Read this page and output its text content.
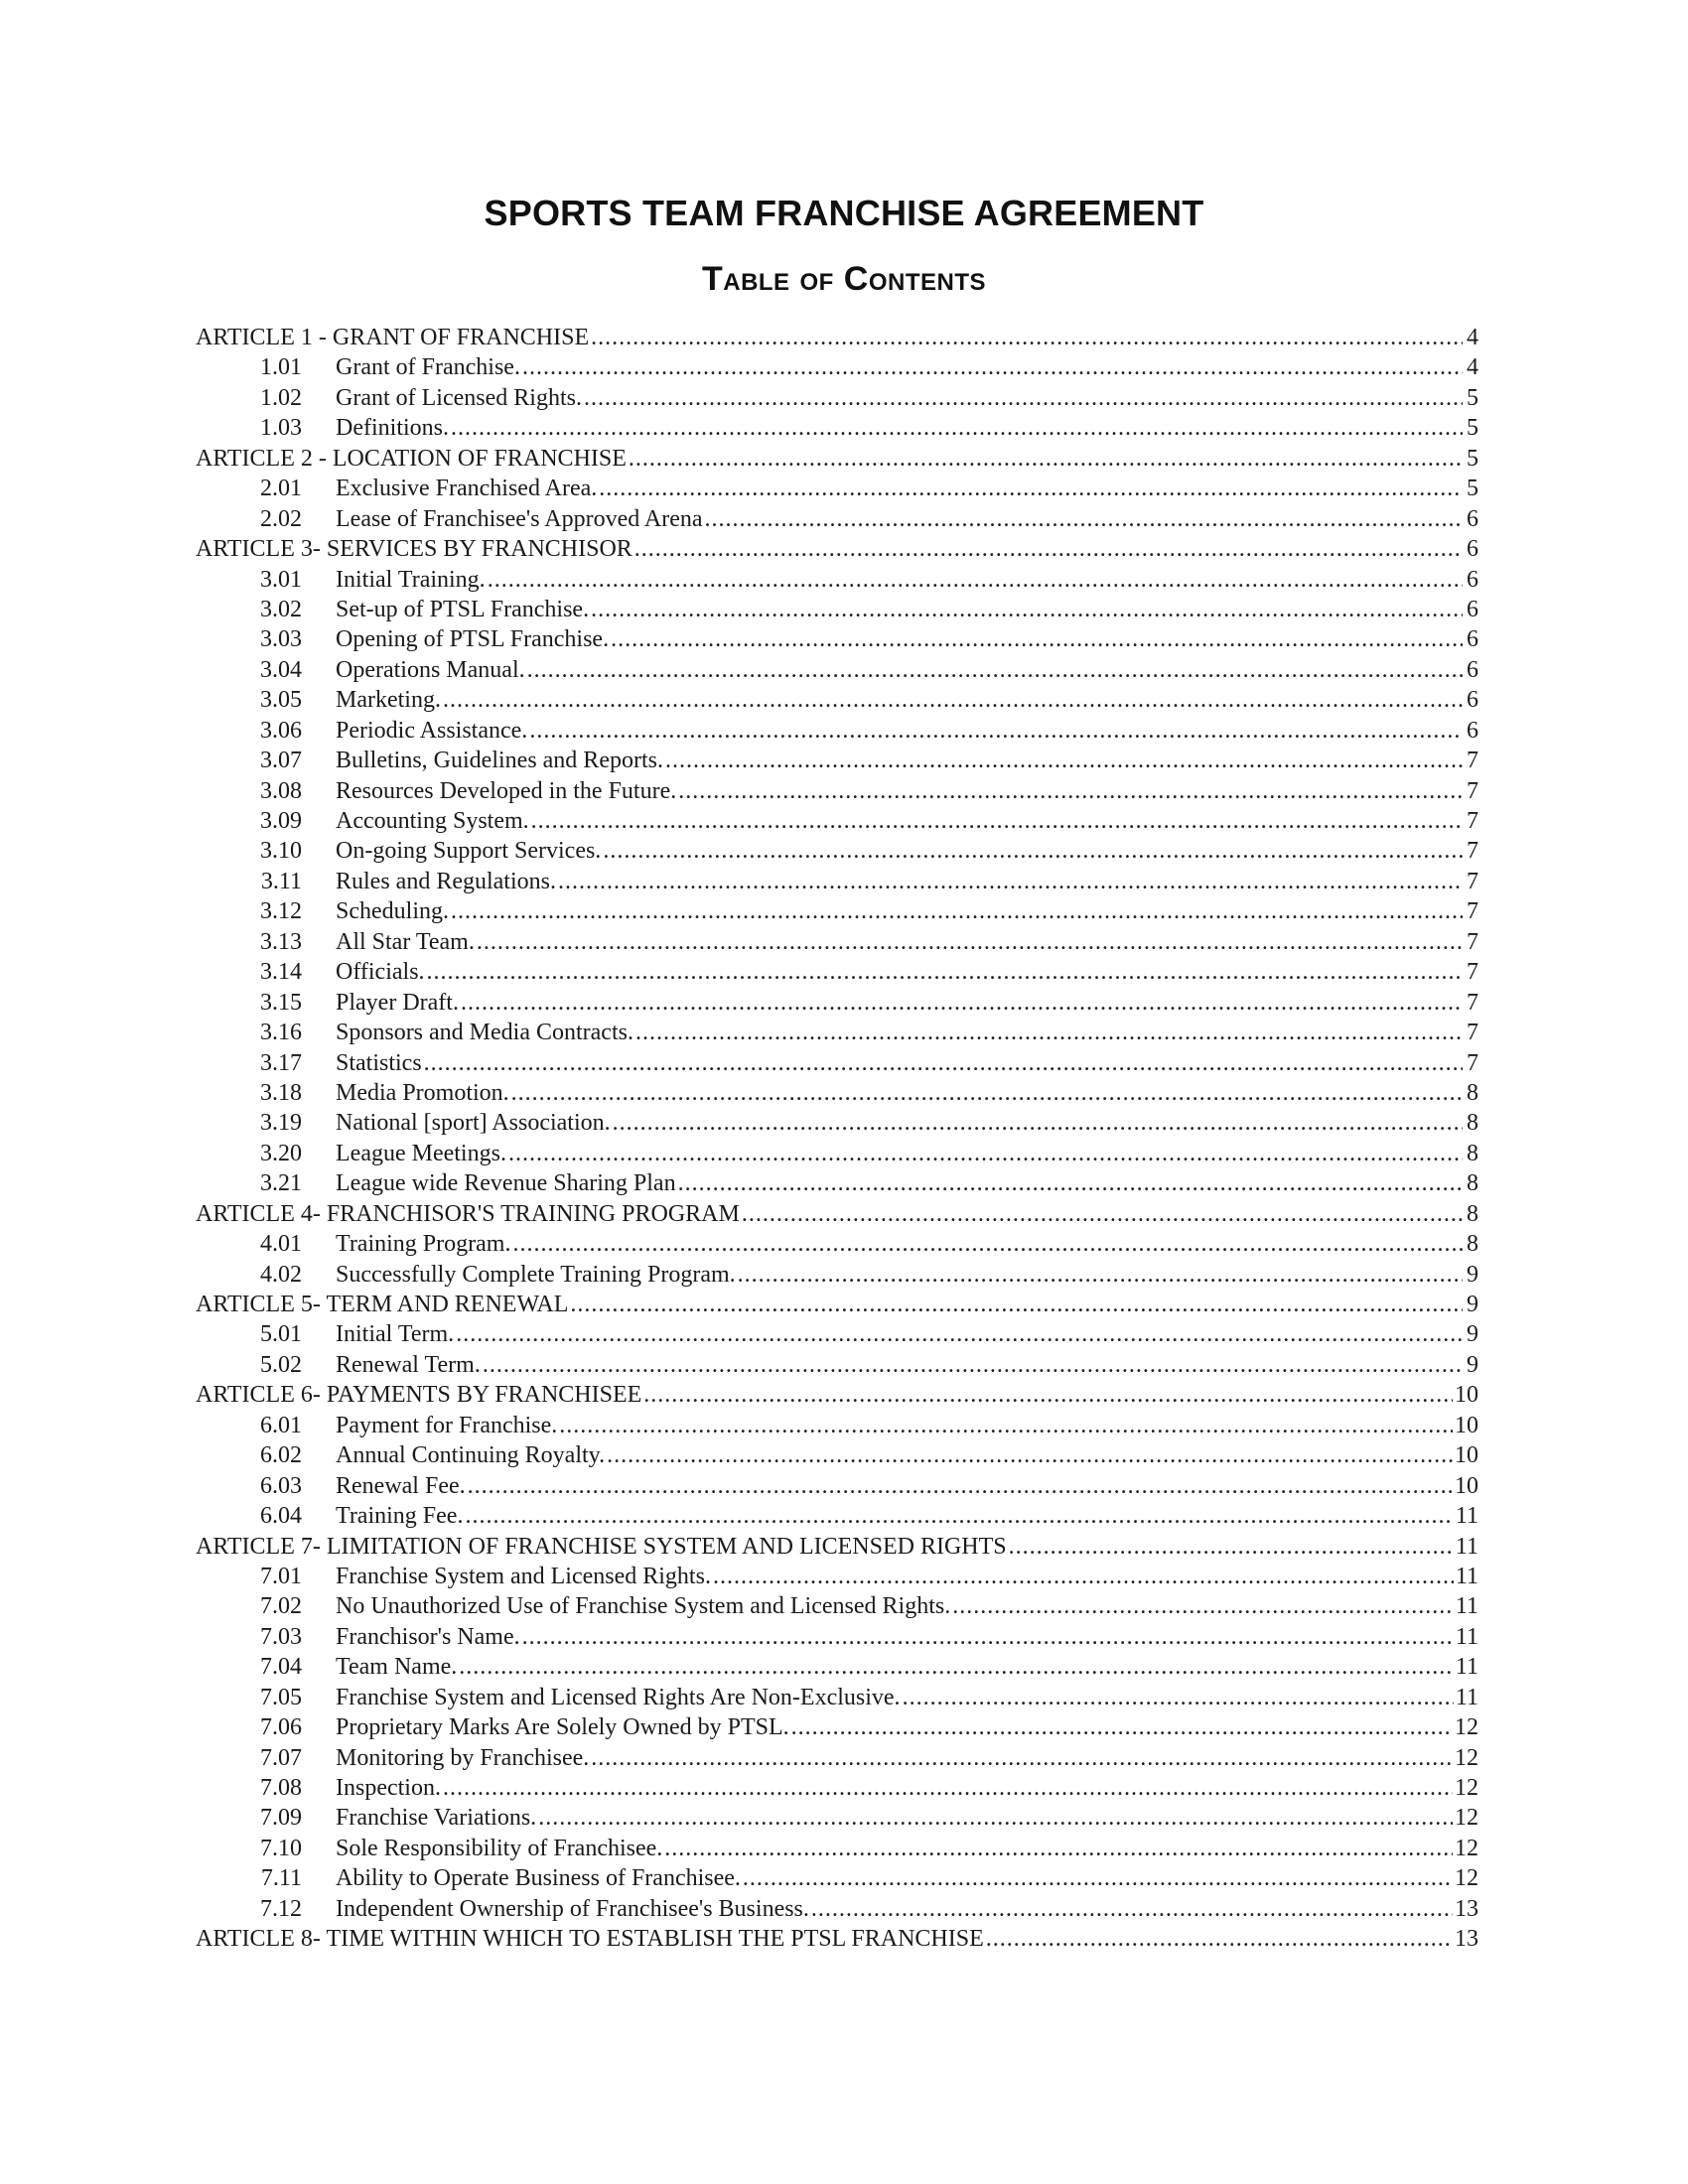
SPORTS TEAM FRANCHISE AGREEMENT
Table of Contents
ARTICLE 1 - GRANT OF FRANCHISE .....	4
1.01 Grant of Franchise. .....	4
1.02 Grant of Licensed Rights. .....	5
1.03 Definitions. .....	5
ARTICLE 2 - LOCATION OF FRANCHISE .....	5
2.01 Exclusive Franchised Area. .....	5
2.02 Lease of Franchisee's Approved Arena .....	6
ARTICLE 3- SERVICES BY FRANCHISOR .....	6
3.01 Initial Training. .....	6
3.02 Set-up of PTSL Franchise. .....	6
3.03 Opening of PTSL Franchise. .....	6
3.04 Operations Manual. .....	6
3.05 Marketing. .....	6
3.06 Periodic Assistance. .....	6
3.07 Bulletins, Guidelines and Reports. .....	7
3.08 Resources Developed in the Future. .....	7
3.09 Accounting System. .....	7
3.10 On-going Support Services. .....	7
3.11 Rules and Regulations. .....	7
3.12 Scheduling. .....	7
3.13 All Star Team. .....	7
3.14 Officials. .....	7
3.15 Player Draft. .....	7
3.16 Sponsors and Media Contracts. .....	7
3.17 Statistics .....	7
3.18 Media Promotion. .....	8
3.19 National [sport] Association. .....	8
3.20 League Meetings. .....	8
3.21 League wide Revenue Sharing Plan .....	8
ARTICLE 4- FRANCHISOR'S TRAINING PROGRAM .....	8
4.01 Training Program. .....	8
4.02 Successfully Complete Training Program. .....	9
ARTICLE 5- TERM AND RENEWAL .....	9
5.01 Initial Term. .....	9
5.02 Renewal Term. .....	9
ARTICLE 6- PAYMENTS BY FRANCHISEE .....	10
6.01 Payment for Franchise. .....	10
6.02 Annual Continuing Royalty. .....	10
6.03 Renewal Fee. .....	10
6.04 Training Fee. .....	11
ARTICLE 7- LIMITATION OF FRANCHISE SYSTEM AND LICENSED RIGHTS .....	11
7.01 Franchise System and Licensed Rights. .....	11
7.02 No Unauthorized Use of Franchise System and Licensed Rights. .....	11
7.03 Franchisor's Name. .....	11
7.04 Team Name. .....	11
7.05 Franchise System and Licensed Rights Are Non-Exclusive. .....	11
7.06 Proprietary Marks Are Solely Owned by PTSL. .....	12
7.07 Monitoring by Franchisee. .....	12
7.08 Inspection. .....	12
7.09 Franchise Variations. .....	12
7.10 Sole Responsibility of Franchisee. .....	12
7.11 Ability to Operate Business of Franchisee. .....	12
7.12 Independent Ownership of Franchisee's Business. .....	13
ARTICLE 8- TIME WITHIN WHICH TO ESTABLISH THE PTSL FRANCHISE .....	13
